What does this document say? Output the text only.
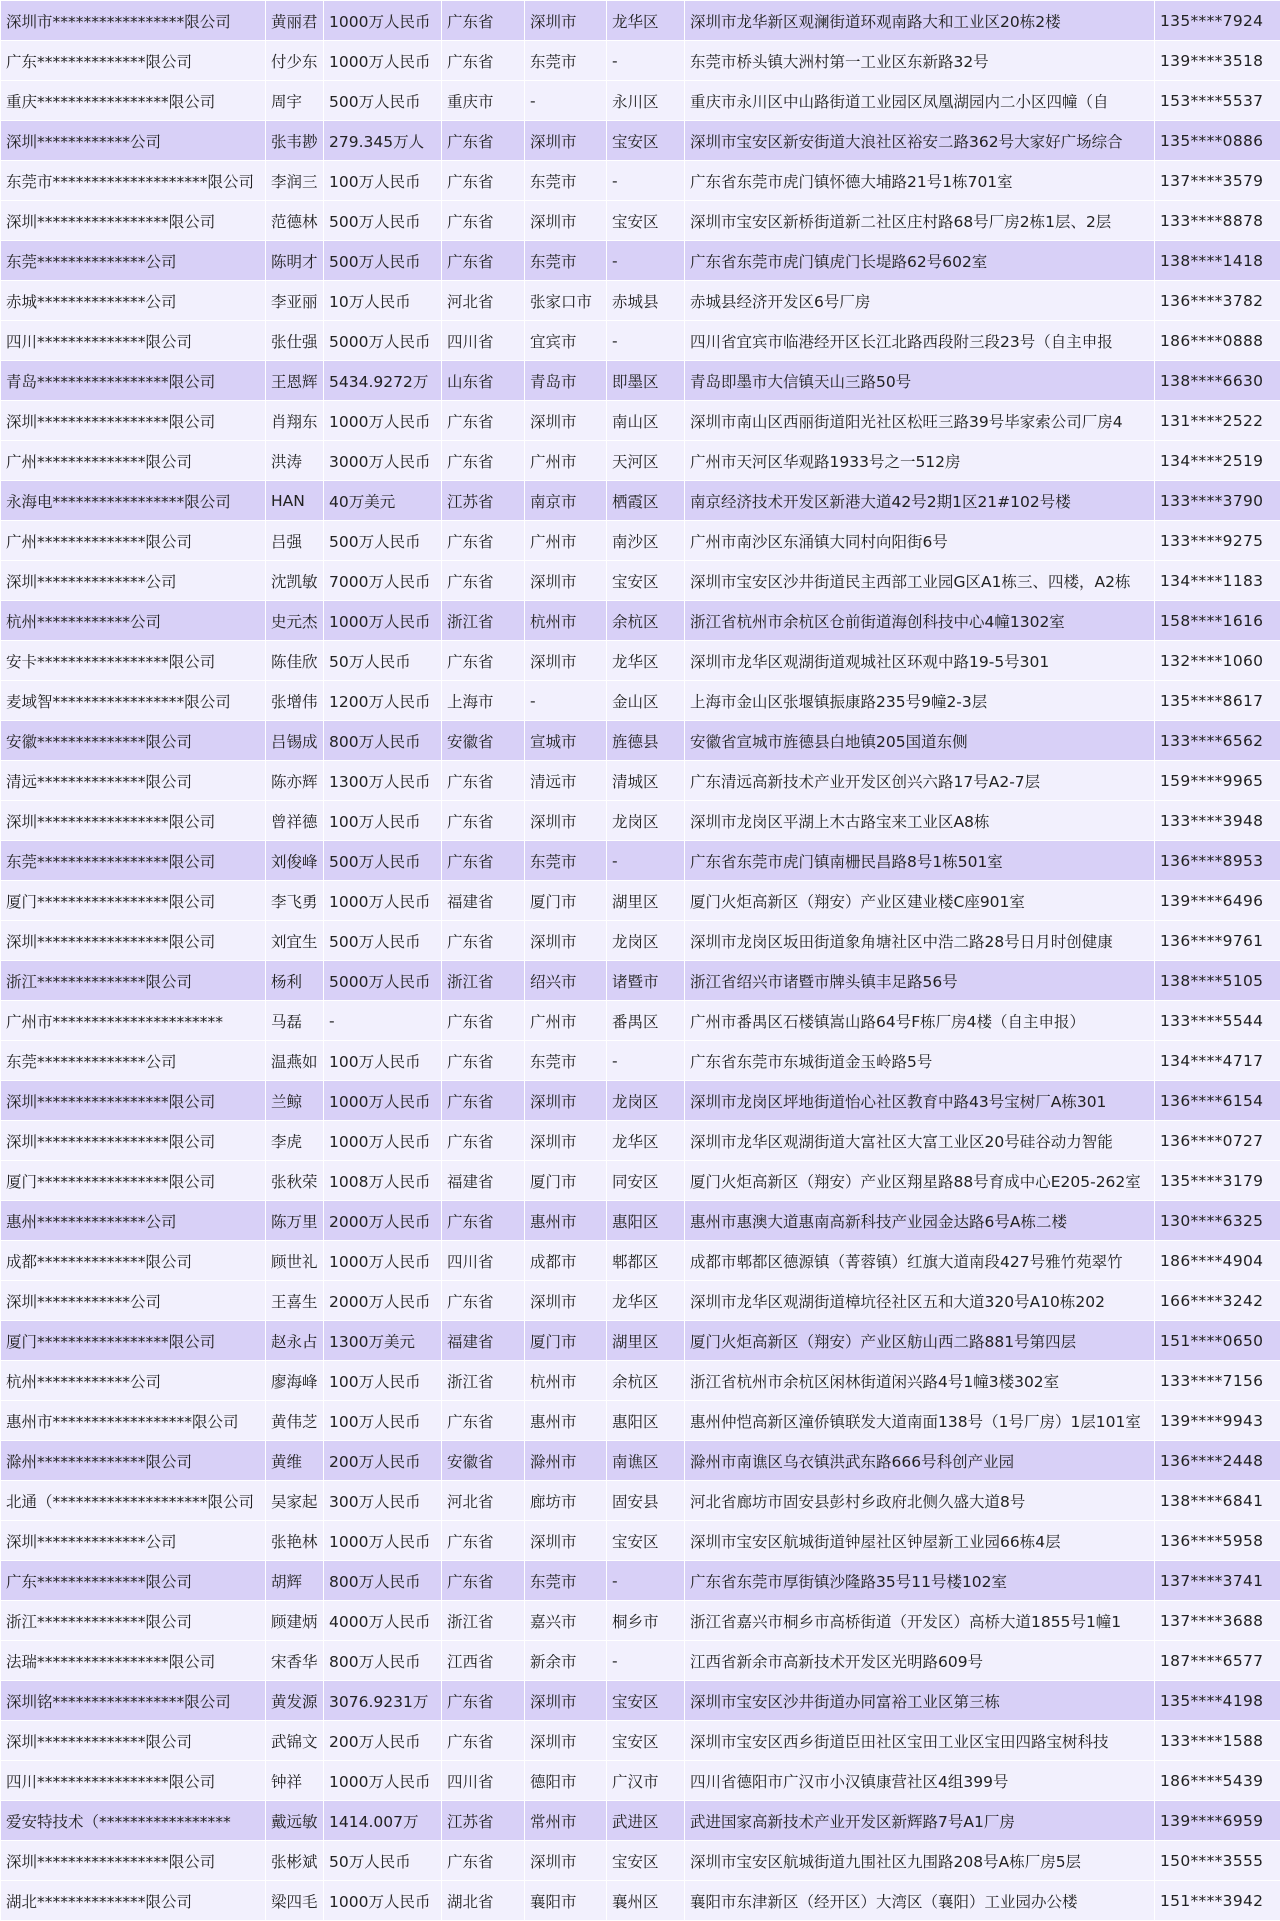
深圳市*****************限公司	黄丽君	1000万人民币	广东省	深圳市	龙华区	深圳市龙华新区观澜街道环观南路大和工业区20栋2楼	135****7924
广东**************限公司	付少东	1000万人民币	广东省	东莞市	-	东莞市桥头镇大洲村第一工业区东新路32号	139****3518
重庆*****************限公司	周宇	500万人民币	重庆市	-	永川区	重庆市永川区中山路街道工业园区凤凰湖园内二小区四幢（自	153****5537
深圳************公司	张韦尠	279.345万人	广东省	深圳市	宝安区	深圳市宝安区新安街道大浪社区裕安二路362号大家好广场综合	135****0886
东莞市********************限公司	李润三	100万人民币	广东省	东莞市	-	广东省东莞市虎门镇怀德大埔路21号1栋701室	137****3579
深圳*****************限公司	范德林	500万人民币	广东省	深圳市	宝安区	深圳市宝安区新桥街道新二社区庄村路68号厂房2栋1层、2层	133****8878
东莞**************公司	陈明才	500万人民币	广东省	东莞市	-	广东省东莞市虎门镇虎门长堤路62号602室	138****1418
赤城**************公司	李亚丽	10万人民币	河北省	张家口市	赤城县	赤城县经济开发区6号厂房	136****3782
四川**************限公司	张仕强	5000万人民币	四川省	宜宾市	-	四川省宜宾市临港经开区长江北路西段附三段23号（自主申报	186****0888
青岛*****************限公司	王恩辉	5434.9272万	山东省	青岛市	即墨区	青岛即墨市大信镇天山三路50号	138****6630
深圳*****************限公司	肖翔东	1000万人民币	广东省	深圳市	南山区	深圳市南山区西丽街道阳光社区松旺三路39号毕家索公司厂房4	131****2522
广州**************限公司	洪涛	3000万人民币	广东省	广州市	天河区	广州市天河区华观路1933号之一512房	134****2519
永海电*****************限公司	HAN	40万美元	江苏省	南京市	栖霞区	南京经济技术开发区新港大道42号2期1区21#102号楼	133****3790
广州**************限公司	吕强	500万人民币	广东省	广州市	南沙区	广州市南沙区东涌镇大同村向阳街6号	133****9275
深圳**************公司	沈凯敏	7000万人民币	广东省	深圳市	宝安区	深圳市宝安区沙井街道民主西部工业园G区A1栋三、四楼，A2栋	134****1183
杭州************公司	史元杰	1000万人民币	浙江省	杭州市	余杭区	浙江省杭州市余杭区仓前街道海创科技中心4幢1302室	158****1616
安卡*****************限公司	陈佳欣	50万人民币	广东省	深圳市	龙华区	深圳市龙华区观湖街道观城社区环观中路19-5号301	132****1060
麦域智*****************限公司	张增伟	1200万人民币	上海市	-	金山区	上海市金山区张堰镇振康路235号9幢2-3层	135****8617
安徽**************限公司	吕锡成	800万人民币	安徽省	宣城市	旌德县	安徽省宣城市旌德县白地镇205国道东侧	133****6562
清远**************限公司	陈亦辉	1300万人民币	广东省	清远市	清城区	广东清远高新技术产业开发区创兴六路17号A2-7层	159****9965
深圳*****************限公司	曾祥德	100万人民币	广东省	深圳市	龙岗区	深圳市龙岗区平湖上木古路宝来工业区A8栋	133****3948
东莞*****************限公司	刘俊峰	500万人民币	广东省	东莞市	-	广东省东莞市虎门镇南栅民昌路8号1栋501室	136****8953
厦门*****************限公司	李飞勇	1000万人民币	福建省	厦门市	湖里区	厦门火炬高新区（翔安）产业区建业楼C座901室	139****6496
深圳*****************限公司	刘宜生	500万人民币	广东省	深圳市	龙岗区	深圳市龙岗区坂田街道象角塘社区中浩二路28号日月时创健康	136****9761
浙江**************限公司	杨利	5000万人民币	浙江省	绍兴市	诸暨市	浙江省绍兴市诸暨市牌头镇丰足路56号	138****5105
广州市**********************	马磊	-	广东省	广州市	番禺区	广州市番禺区石楼镇嵩山路64号F栋厂房4楼（自主申报）	133****5544
东莞**************公司	温燕如	100万人民币	广东省	东莞市	-	广东省东莞市东城街道金玉岭路5号	134****4717
深圳*****************限公司	兰鲸	1000万人民币	广东省	深圳市	龙岗区	深圳市龙岗区坪地街道怡心社区教育中路43号宝树厂A栋301	136****6154
深圳*****************限公司	李虎	1000万人民币	广东省	深圳市	龙华区	深圳市龙华区观湖街道大富社区大富工业区20号硅谷动力智能	136****0727
厦门*****************限公司	张秋荣	1008万人民币	福建省	厦门市	同安区	厦门火炬高新区（翔安）产业区翔星路88号育成中心E205-262室	135****3179
惠州**************公司	陈万里	2000万人民币	广东省	惠州市	惠阳区	惠州市惠澳大道惠南高新科技产业园金达路6号A栋二楼	130****6325
成都**************限公司	顾世礼	1000万人民币	四川省	成都市	郫都区	成都市郫都区德源镇（菁蓉镇）红旗大道南段427号雅竹苑翠竹	186****4904
深圳************公司	王喜生	2000万人民币	广东省	深圳市	龙华区	深圳市龙华区观湖街道樟坑径社区五和大道320号A10栋202	166****3242
厦门*****************限公司	赵永占	1300万美元	福建省	厦门市	湖里区	厦门火炬高新区（翔安）产业区舫山西二路881号第四层	151****0650
杭州************公司	廖海峰	100万人民币	浙江省	杭州市	余杭区	浙江省杭州市余杭区闲林街道闲兴路4号1幢3楼302室	133****7156
惠州市******************限公司	黄伟芝	100万人民币	广东省	惠州市	惠阳区	惠州仲恺高新区潼侨镇联发大道南面138号（1号厂房）1层101室	139****9943
滁州**************限公司	黄维	200万人民币	安徽省	滁州市	南谯区	滁州市南谯区乌衣镇洪武东路666号科创产业园	136****2448
北通（********************限公司	吴家起	300万人民币	河北省	廊坊市	固安县	河北省廊坊市固安县彭村乡政府北侧久盛大道8号	138****6841
深圳**************公司	张艳林	1000万人民币	广东省	深圳市	宝安区	深圳市宝安区航城街道钟屋社区钟屋新工业园66栋4层	136****5958
广东**************限公司	胡辉	800万人民币	广东省	东莞市	-	广东省东莞市厚街镇沙隆路35号11号楼102室	137****3741
浙江**************限公司	顾建炳	4000万人民币	浙江省	嘉兴市	桐乡市	浙江省嘉兴市桐乡市高桥街道（开发区）高桥大道1855号1幢1	137****3688
法瑞*****************限公司	宋香华	800万人民币	江西省	新余市	-	江西省新余市高新技术开发区光明路609号	187****6577
深圳铭*****************限公司	黄发源	3076.9231万	广东省	深圳市	宝安区	深圳市宝安区沙井街道办同富裕工业区第三栋	135****4198
深圳**************限公司	武锦文	200万人民币	广东省	深圳市	宝安区	深圳市宝安区西乡街道臣田社区宝田工业区宝田四路宝树科技	133****1588
四川*****************限公司	钟祥	1000万人民币	四川省	德阳市	广汉市	四川省德阳市广汉市小汉镇康营社区4组399号	186****5439
爱安特技术（*****************	戴远敏	1414.007万	江苏省	常州市	武进区	武进国家高新技术产业开发区新辉路7号A1厂房	139****6959
深圳*****************限公司	张彬斌	50万人民币	广东省	深圳市	宝安区	深圳市宝安区航城街道九围社区九围路208号A栋厂房5层	150****3555
湖北**************限公司	梁四毛	1000万人民币	湖北省	襄阳市	襄州区	襄阳市东津新区（经开区）大湾区（襄阳）工业园办公楼	151****3942
